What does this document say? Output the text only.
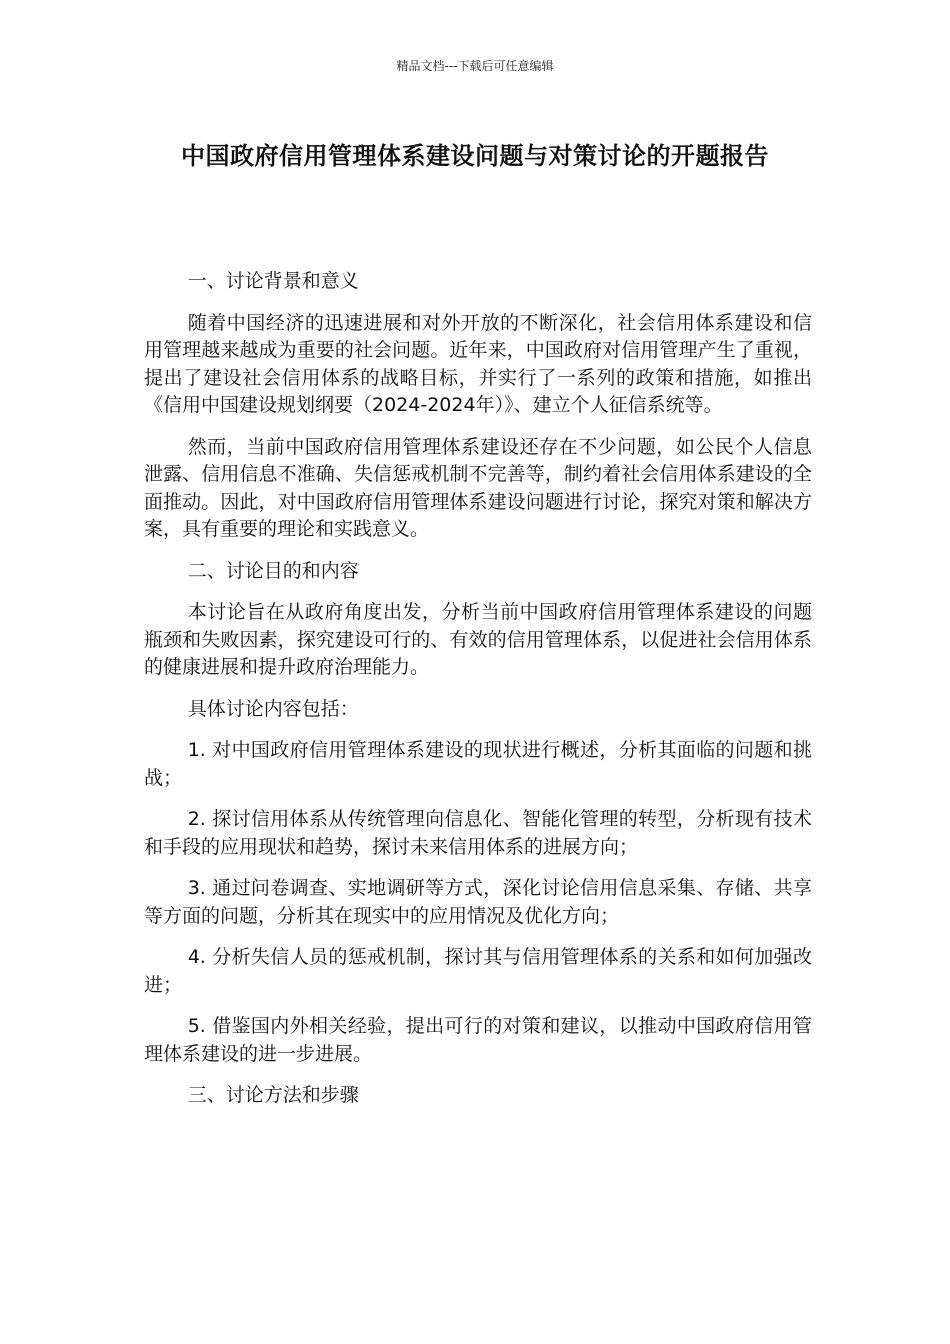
精品文档---下载后可任意编辑
中国政府信用管理体系建设问题与对策讨论的开题报告

一、讨论背景和意义

随着中国经济的迅速进展和对外开放的不断深化，社会信用体系建设和信用管理越来越成为重要的社会问题。近年来，中国政府对信用管理产生了重视，提出了建设社会信用体系的战略目标，并实行了一系列的政策和措施，如推出《信用中国建设规划纲要（2024-2024年）》、建立个人征信系统等。

然而，当前中国政府信用管理体系建设还存在不少问题，如公民个人信息泄露、信用信息不准确、失信惩戒机制不完善等，制约着社会信用体系建设的全面推动。因此，对中国政府信用管理体系建设问题进行讨论，探究对策和解决方案，具有重要的理论和实践意义。

二、讨论目的和内容

本讨论旨在从政府角度出发，分析当前中国政府信用管理体系建设的问题瓶颈和失败因素，探究建设可行的、有效的信用管理体系，以促进社会信用体系的健康进展和提升政府治理能力。

具体讨论内容包括：

1. 对中国政府信用管理体系建设的现状进行概述，分析其面临的问题和挑战；

2. 探讨信用体系从传统管理向信息化、智能化管理的转型，分析现有技术和手段的应用现状和趋势，探讨未来信用体系的进展方向；

3. 通过问卷调查、实地调研等方式，深化讨论信用信息采集、存储、共享等方面的问题，分析其在现实中的应用情况及优化方向；

4. 分析失信人员的惩戒机制，探讨其与信用管理体系的关系和如何加强改进；

5. 借鉴国内外相关经验，提出可行的对策和建议，以推动中国政府信用管理体系建设的进一步进展。

三、讨论方法和步骤
